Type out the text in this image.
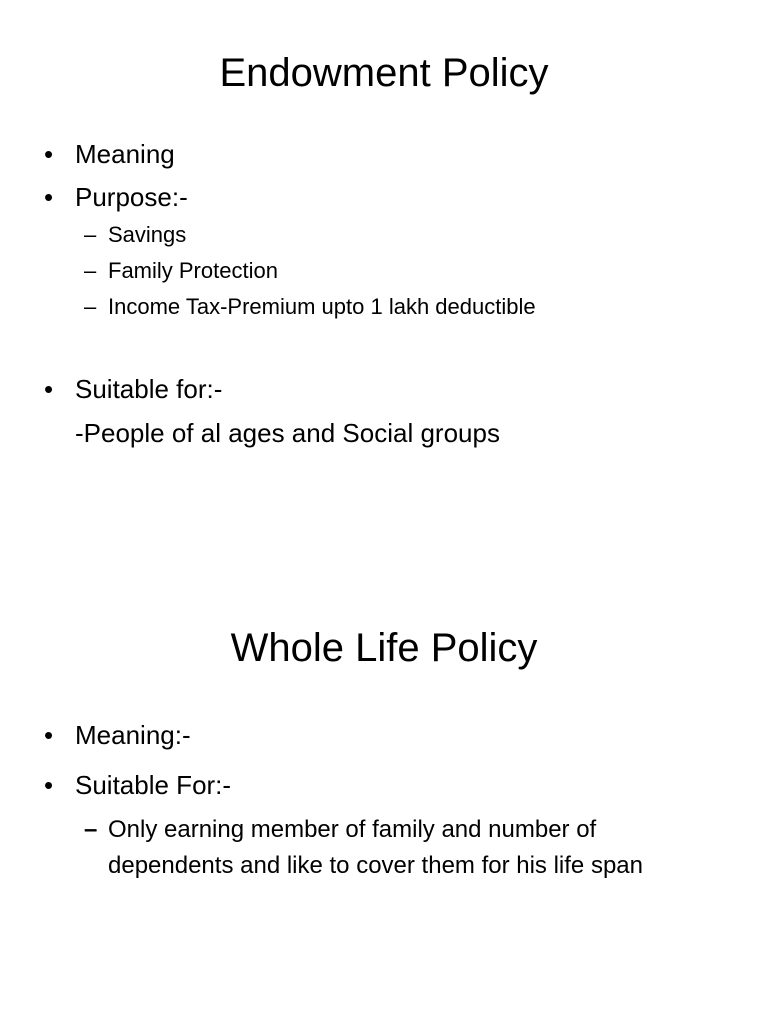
Endowment Policy
• Meaning
• Purpose:-
– Savings
– Family Protection
– Income Tax-Premium upto 1 lakh deductible
• Suitable for:-
-People of al ages and Social groups
Whole Life Policy
• Meaning:-
• Suitable For:-
– Only earning member of family and number of
dependents and like to cover them for his life span
